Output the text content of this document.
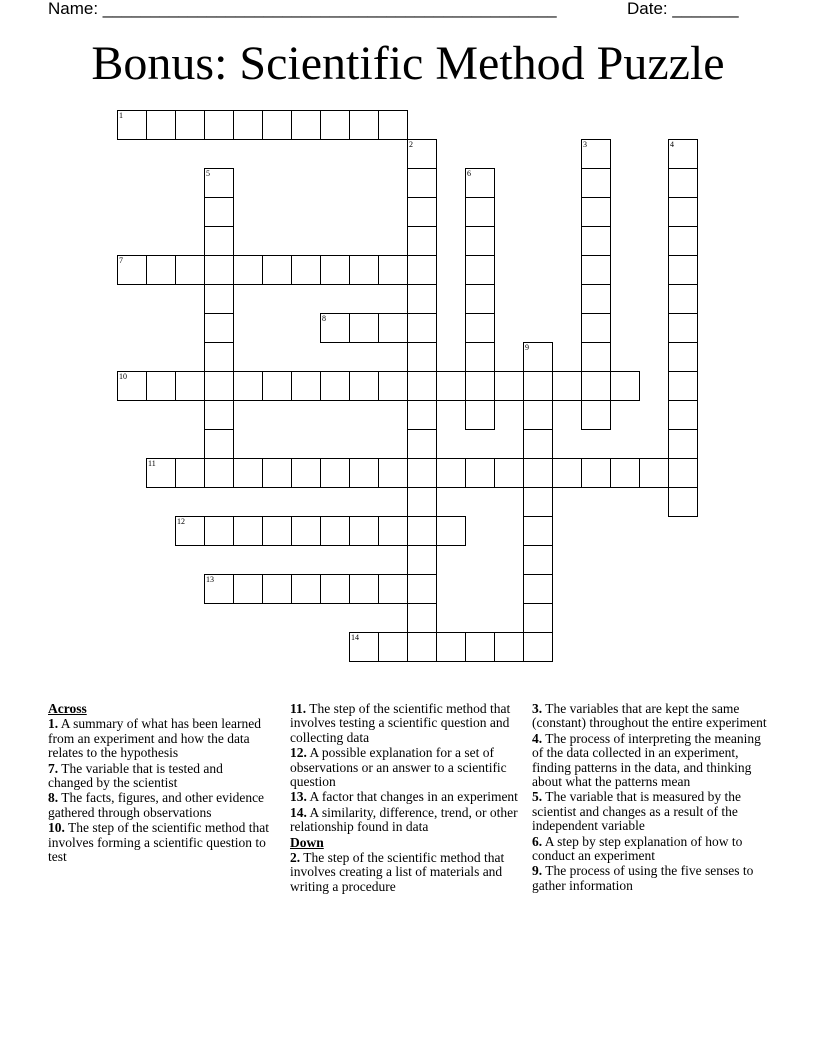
Name: ________________________________________________	Date: _______
Bonus: Scientific Method Puzzle
1
2	3	4
5	6
7
8
9
10
11
12
13
14
Across
1. A summary of what has been learned from an experiment and how the data relates to the hypothesis
7. The variable that is tested and changed by the scientist
8. The facts, figures, and other evidence gathered through observations
10. The step of the scientific method that involves forming a scientific question to test
11. The step of the scientific method that involves testing a scientific question and collecting data
12. A possible explanation for a set of observations or an answer to a scientific question
13. A factor that changes in an experiment
14. A similarity, difference, trend, or other relationship found in data
Down
2. The step of the scientific method that involves creating a list of materials and writing a procedure
3. The variables that are kept the same (constant) throughout the entire experiment
4. The process of interpreting the meaning of the data collected in an experiment, finding patterns in the data, and thinking about what the patterns mean
5. The variable that is measured by the scientist and changes as a result of the independent variable
6. A step by step explanation of how to conduct an experiment
9. The process of using the five senses to gather information
